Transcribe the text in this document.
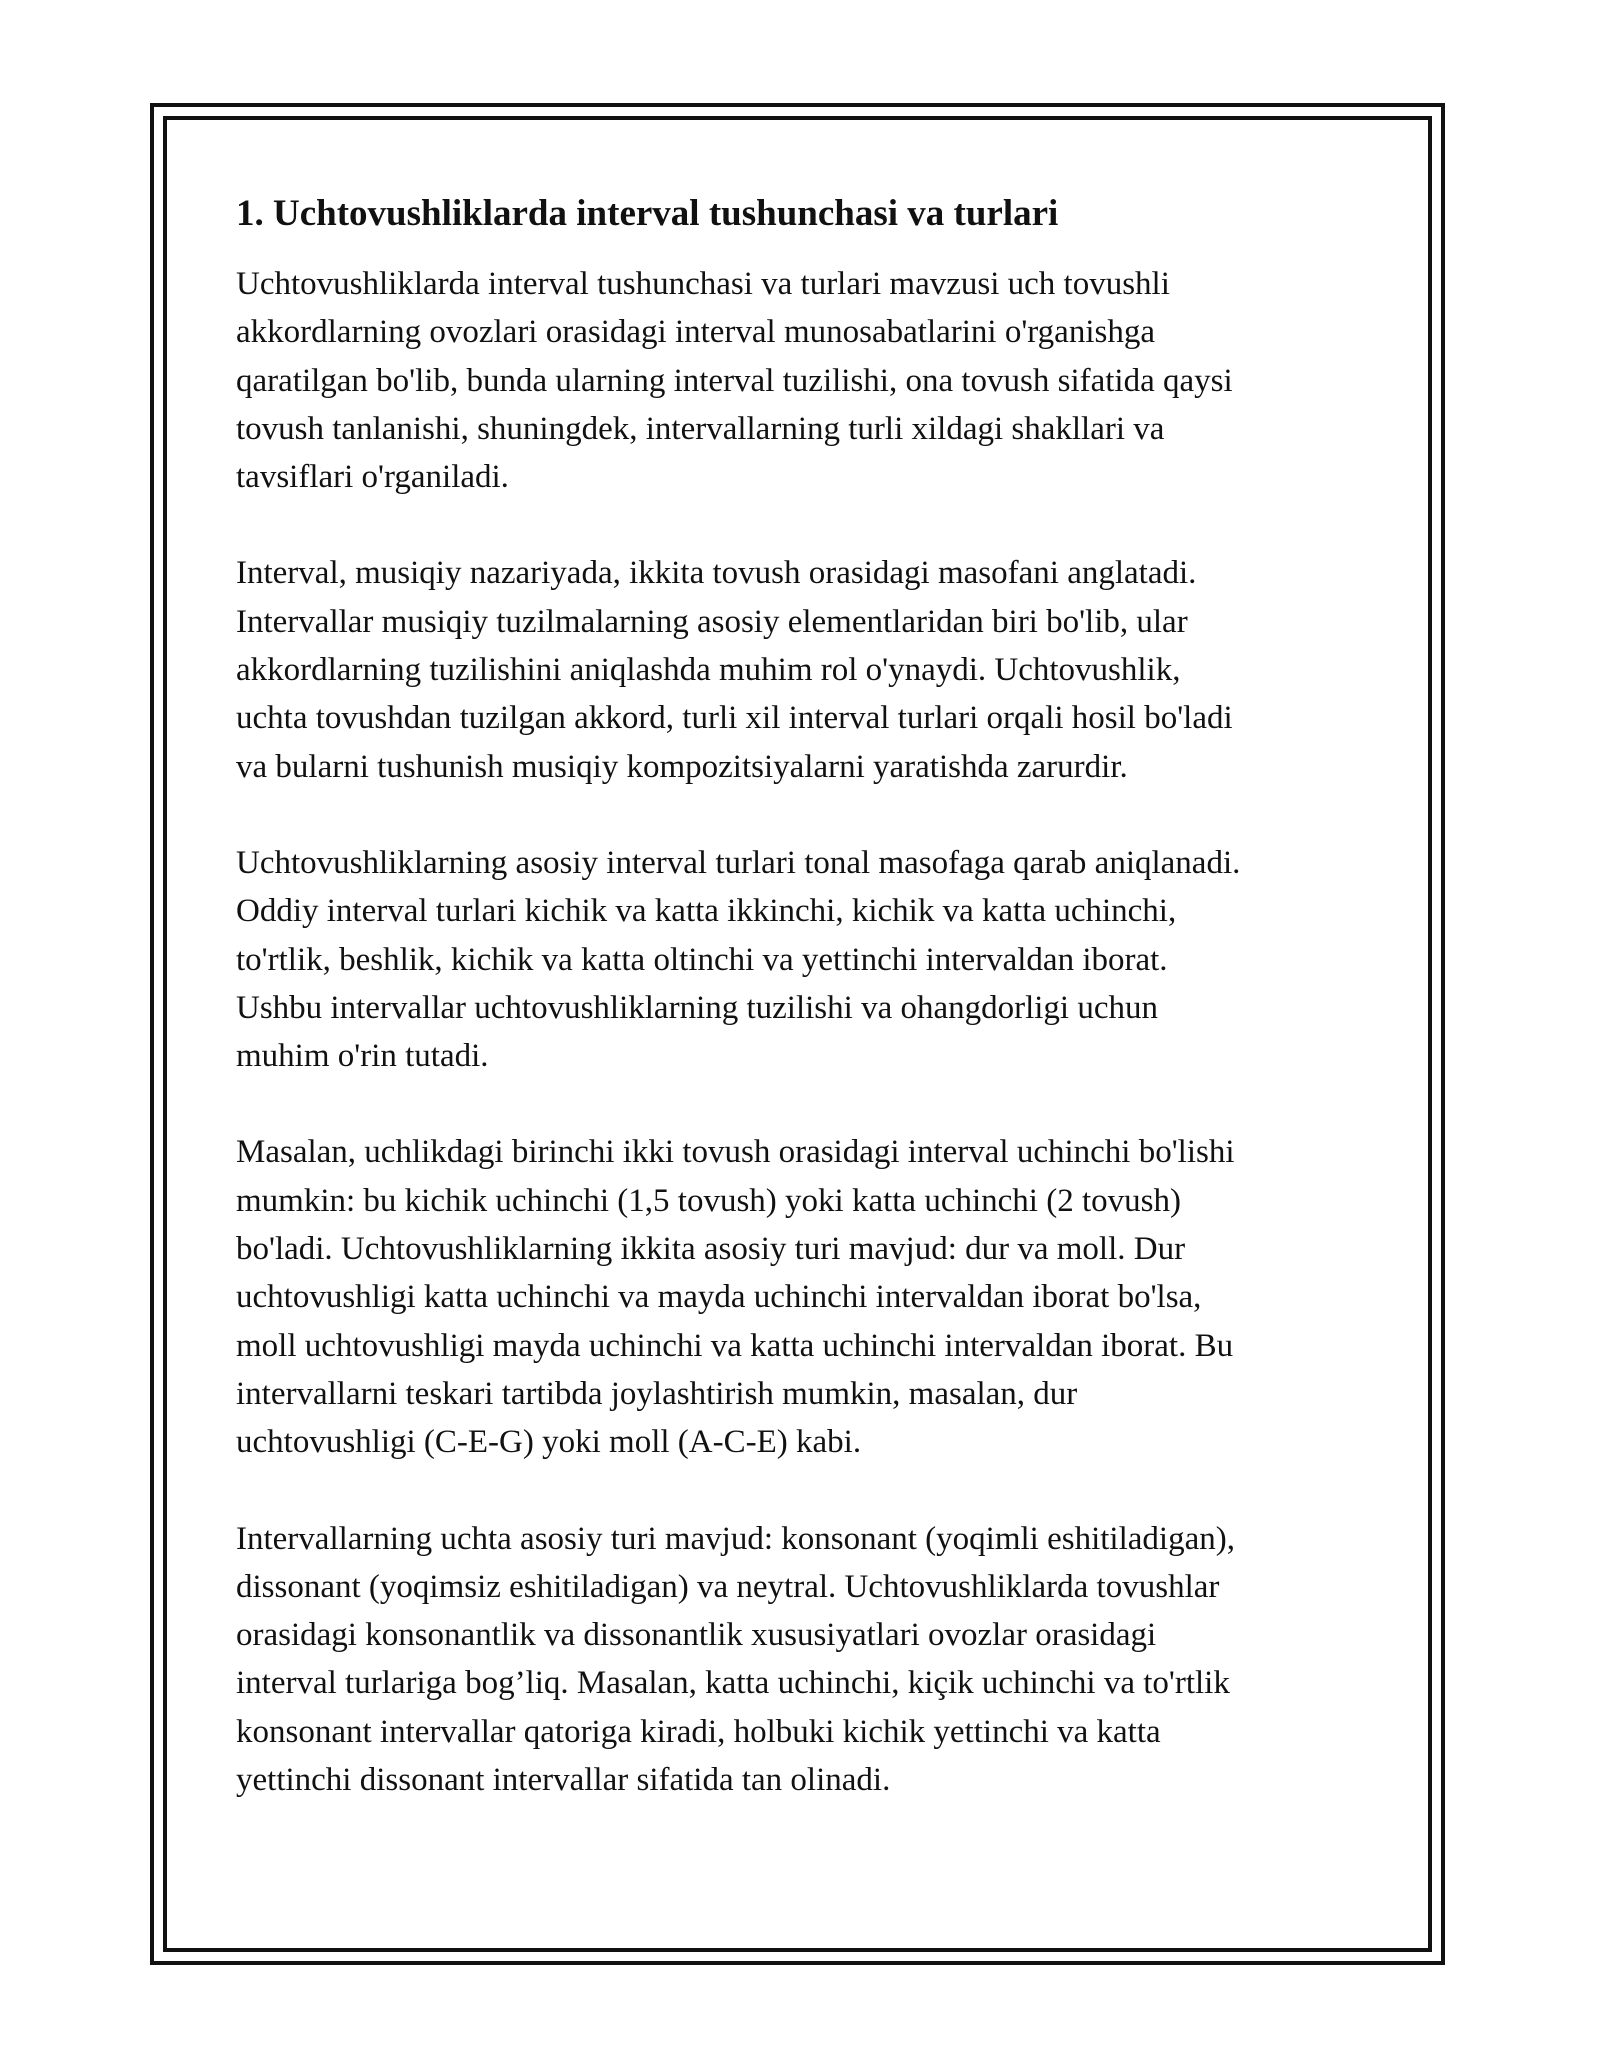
1. Uchtovushliklarda interval tushunchasi va turlari

Uchtovushliklarda interval tushunchasi va turlari mavzusi uch tovushli
akkordlarning ovozlari orasidagi interval munosabatlarini o'rganishga
qaratilgan bo'lib, bunda ularning interval tuzilishi, ona tovush sifatida qaysi
tovush tanlanishi, shuningdek, intervallarning turli xildagi shakllari va
tavsiflari o'rganiladi.

Interval, musiqiy nazariyada, ikkita tovush orasidagi masofani anglatadi.
Intervallar musiqiy tuzilmalarning asosiy elementlaridan biri bo'lib, ular
akkordlarning tuzilishini aniqlashda muhim rol o'ynaydi. Uchtovushlik,
uchta tovushdan tuzilgan akkord, turli xil interval turlari orqali hosil bo'ladi
va bularni tushunish musiqiy kompozitsiyalarni yaratishda zarurdir.

Uchtovushliklarning asosiy interval turlari tonal masofaga qarab aniqlanadi.
Oddiy interval turlari kichik va katta ikkinchi, kichik va katta uchinchi,
to'rtlik, beshlik, kichik va katta oltinchi va yettinchi intervaldan iborat.
Ushbu intervallar uchtovushliklarning tuzilishi va ohangdorligi uchun
muhim o'rin tutadi.

Masalan, uchlikdagi birinchi ikki tovush orasidagi interval uchinchi bo'lishi
mumkin: bu kichik uchinchi (1,5 tovush) yoki katta uchinchi (2 tovush)
bo'ladi. Uchtovushliklarning ikkita asosiy turi mavjud: dur va moll. Dur
uchtovushligi katta uchinchi va mayda uchinchi intervaldan iborat bo'lsa,
moll uchtovushligi mayda uchinchi va katta uchinchi intervaldan iborat. Bu
intervallarni teskari tartibda joylashtirish mumkin, masalan, dur
uchtovushligi (C-E-G) yoki moll (A-C-E) kabi.

Intervallarning uchta asosiy turi mavjud: konsonant (yoqimli eshitiladigan),
dissonant (yoqimsiz eshitiladigan) va neytral. Uchtovushliklarda tovushlar
orasidagi konsonantlik va dissonantlik xususiyatlari ovozlar orasidagi
interval turlariga bog’liq. Masalan, katta uchinchi, kiçik uchinchi va to'rtlik
konsonant intervallar qatoriga kiradi, holbuki kichik yettinchi va katta
yettinchi dissonant intervallar sifatida tan olinadi.
